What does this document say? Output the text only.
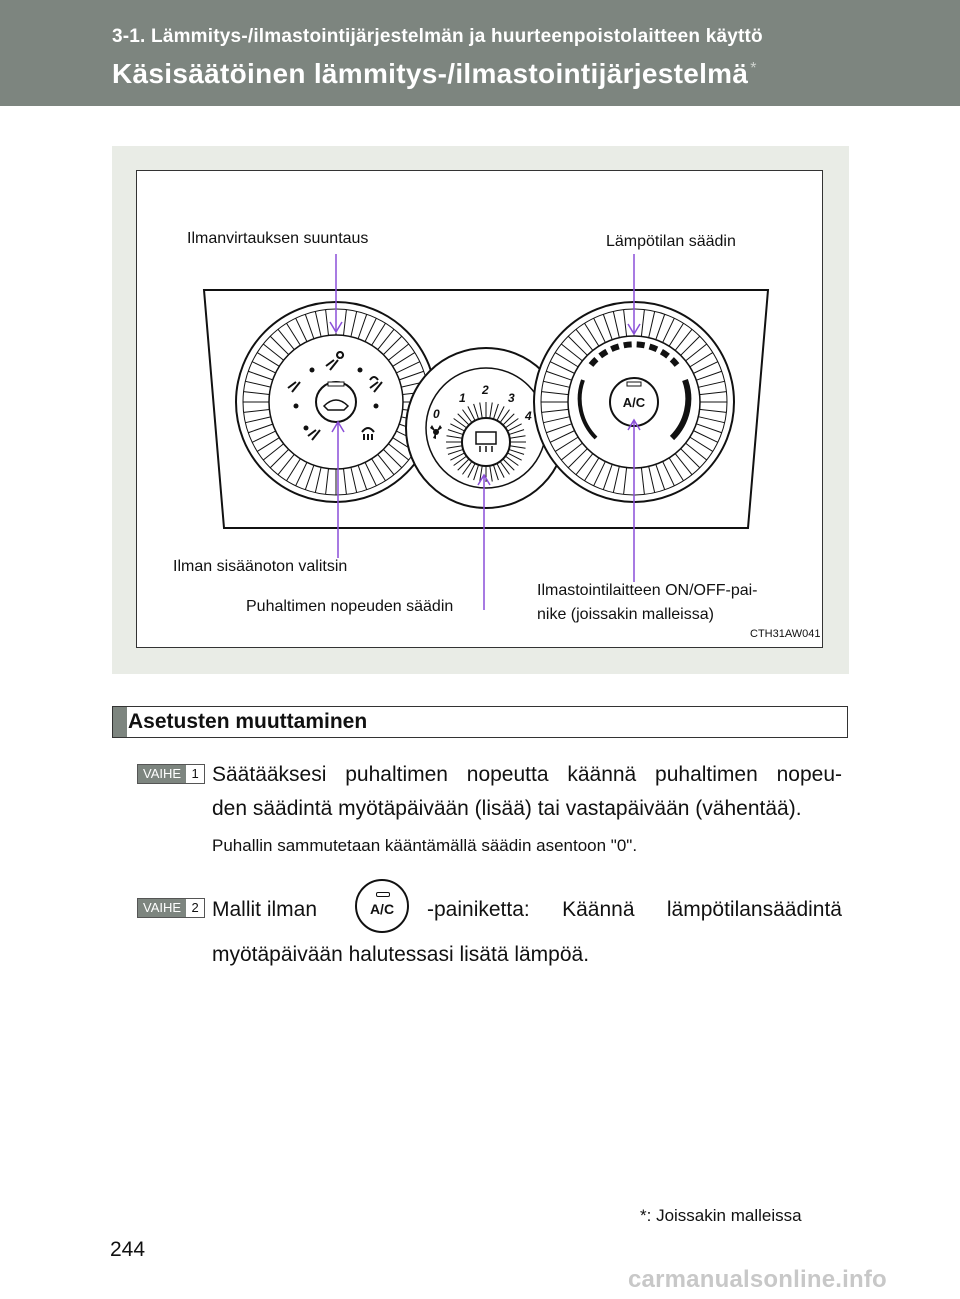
3-1. Lämmitys-/ilmastointijärjestelmän ja huurteenpoistolaitteen käyttö
Käsisäätöinen lämmitys-/ilmastointijärjestelmä *
0
1
2
3
4
A/C
Ilmanvirtauksen suuntaus	Lämpötilan säädin
Ilman sisäänoton valitsin
Puhaltimen nopeuden säädin
Ilmastointilaitteen ON/OFF-pai-
nike (joissakin malleissa)
CTH31AW041
Asetusten muuttaminen
VAIHE 1 Säätääksesi puhaltimen nopeutta käännä puhaltimen nopeu-
den säädintä myötäpäivään (lisää) tai vastapäivään (vähentää).
Puhallin sammutetaan kääntämällä säädin asentoon "0".
VAIHE 2 Mallit ilman	A/C	-painiketta: Käännä lämpötilansäädintä
myötäpäivään halutessasi lisätä lämpöä.
*: Joissakin malleissa
244
carmanualsonline.info
